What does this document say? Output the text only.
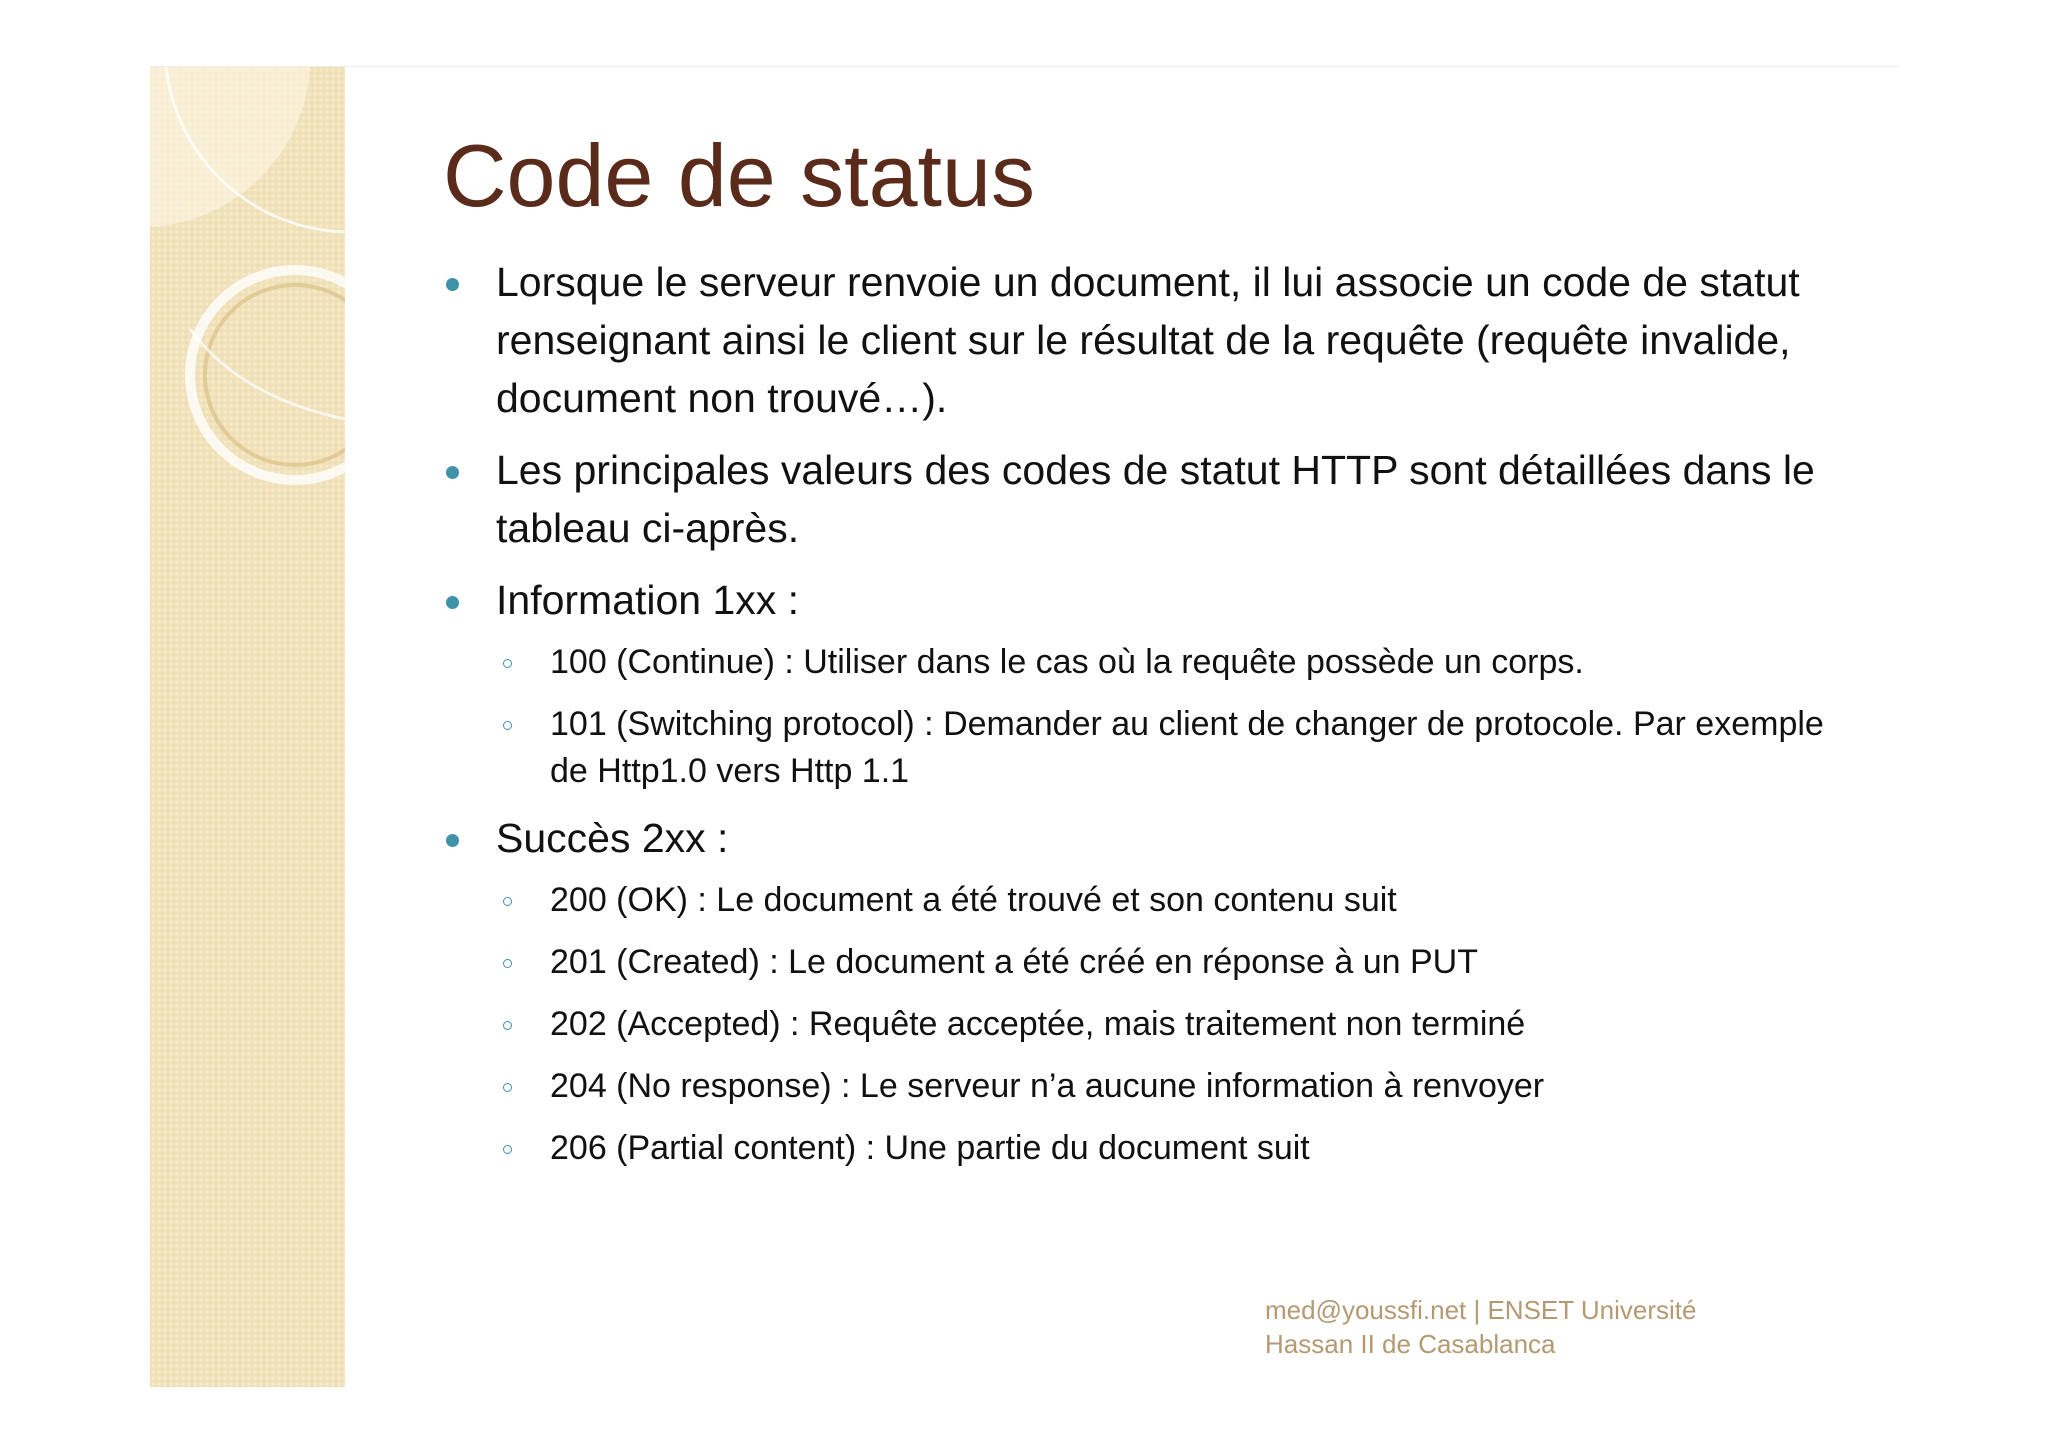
Code de status
Lorsque le serveur renvoie un document, il lui associe un code de statut renseignant ainsi le client sur le résultat de la requête (requête invalide, document non trouvé…).
Les principales valeurs des codes de statut HTTP sont détaillées dans le tableau ci-après.
Information 1xx :
100 (Continue) : Utiliser dans le cas où la requête possède un corps.
101 (Switching protocol) : Demander au client de changer de protocole. Par exemple de Http1.0 vers Http 1.1
Succès 2xx :
200 (OK) : Le document a été trouvé et son contenu suit
201 (Created) : Le document a été créé en réponse à un PUT
202 (Accepted) : Requête acceptée, mais traitement non terminé
204 (No response) : Le serveur n’a aucune information à renvoyer
206 (Partial content) : Une partie du document suit
med@youssfi.net | ENSET Université
Hassan II de Casablanca
